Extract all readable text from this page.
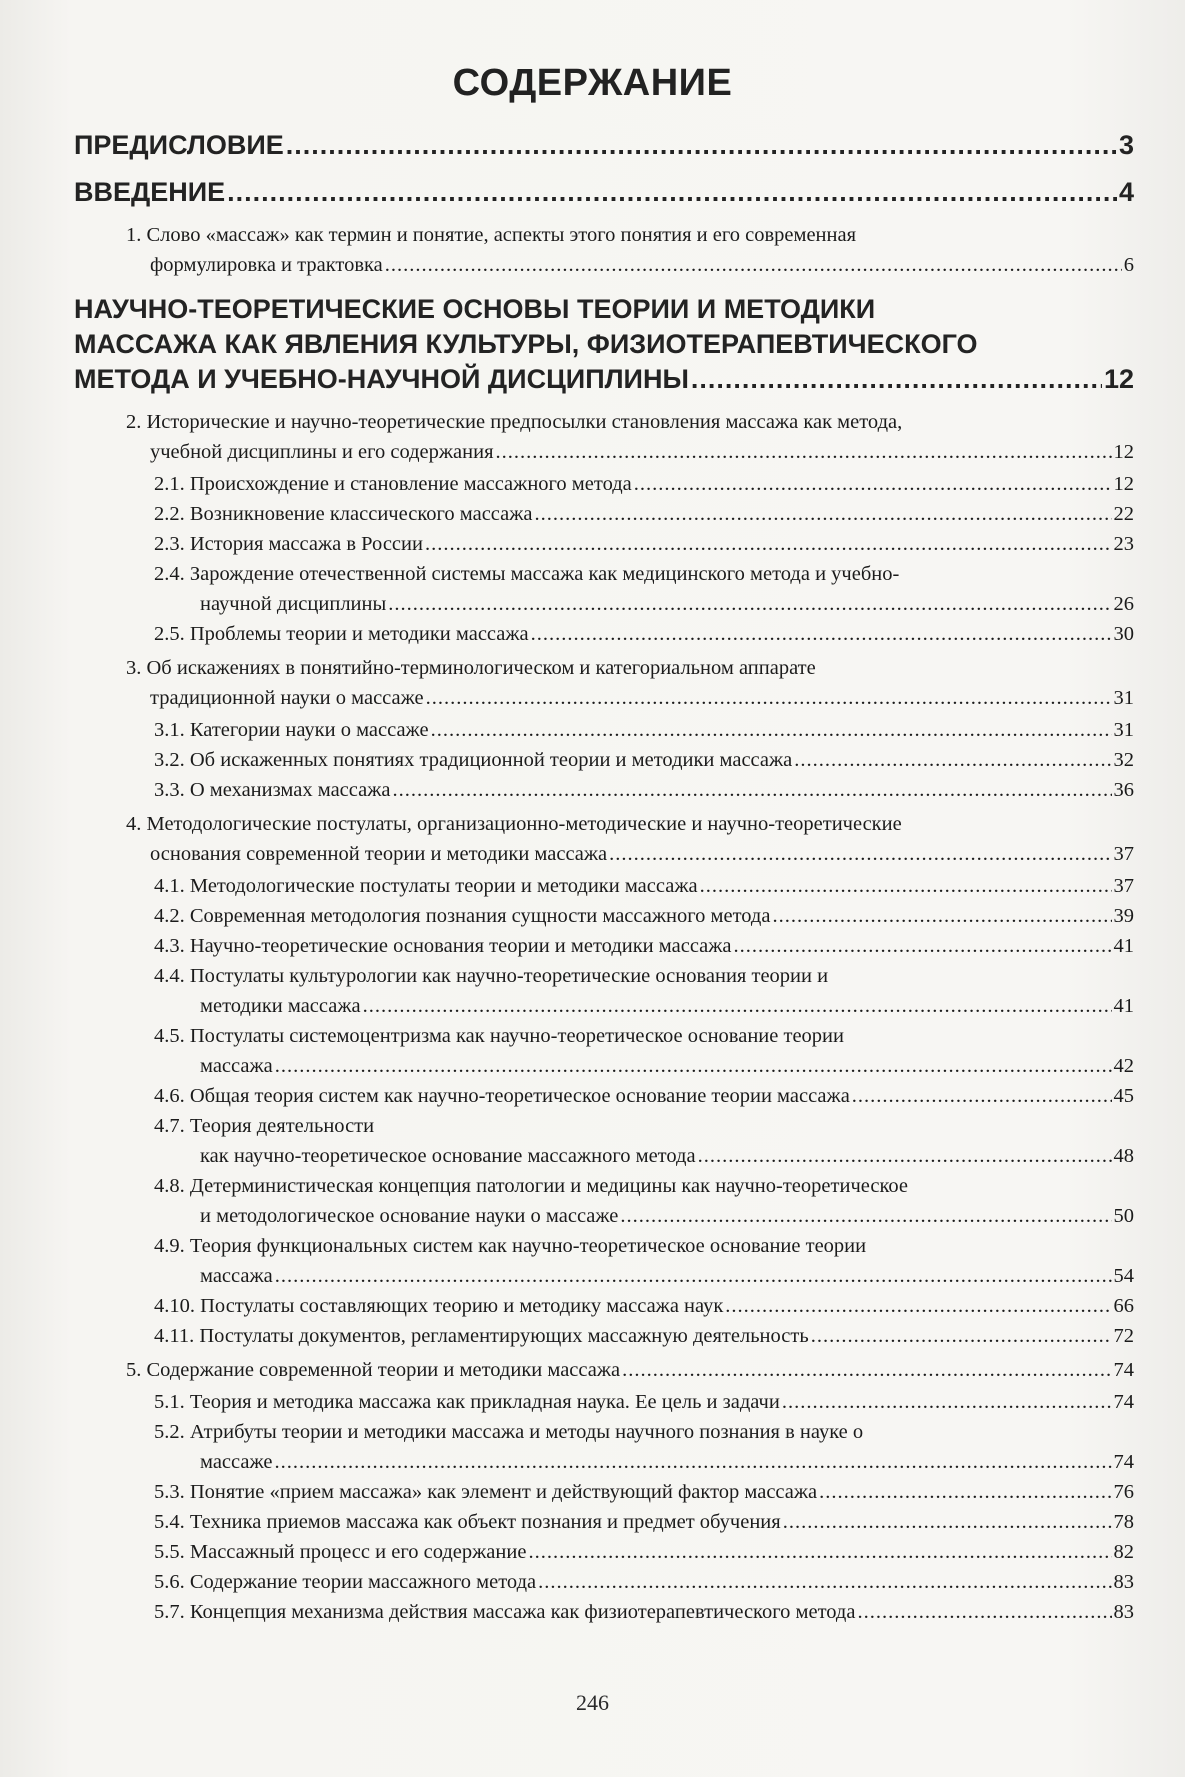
СОДЕРЖАНИЕ
ПРЕДИСЛОВИЕ .....	3
ВВЕДЕНИЕ .....	4
1. Слово «массаж» как термин и понятие, аспекты этого понятия и его современная
формулировка и трактовка .....	6
НАУЧНО-ТЕОРЕТИЧЕСКИЕ ОСНОВЫ ТЕОРИИ И МЕТОДИКИ
МАССАЖА КАК ЯВЛЕНИЯ КУЛЬТУРЫ, ФИЗИОТЕРАПЕВТИЧЕСКОГО
МЕТОДА И УЧЕБНО-НАУЧНОЙ ДИСЦИПЛИНЫ .....	12
2. Исторические и научно-теоретические предпосылки становления массажа как метода,
учебной дисциплины и его содержания .....	12
2.1. Происхождение и становление массажного метода .....	12
2.2. Возникновение классического массажа .....	22
2.3. История массажа в России .....	23
2.4. Зарождение отечественной системы массажа как медицинского метода и учебно-
научной дисциплины .....	26
2.5. Проблемы теории и методики массажа .....	30
3. Об искажениях в понятийно-терминологическом и категориальном аппарате
традиционной науки о массаже .....	31
3.1. Категории науки о массаже .....	31
3.2. Об искаженных понятиях традиционной теории и методики массажа .....	32
3.3. О механизмах массажа .....	36
4. Методологические постулаты, организационно-методические и научно-теоретические
основания современной теории и методики массажа .....	37
4.1. Методологические постулаты теории и методики массажа .....	37
4.2. Современная методология познания сущности массажного метода .....	39
4.3. Научно-теоретические основания теории и методики массажа .....	41
4.4. Постулаты культурологии как научно-теоретические основания теории и
методики массажа .....	41
4.5. Постулаты системоцентризма как научно-теоретическое основание теории
массажа .....	42
4.6. Общая теория систем как научно-теоретическое основание теории массажа .....	45
4.7. Теория деятельности
как научно-теоретическое основание массажного метода .....	48
4.8. Детерминистическая концепция патологии и медицины как научно-теоретическое
и методологическое основание науки о массаже .....	50
4.9. Теория функциональных систем как научно-теоретическое основание теории
массажа .....	54
4.10. Постулаты составляющих теорию и методику массажа наук .....	66
4.11. Постулаты документов, регламентирующих массажную деятельность .....	72
5. Содержание современной теории и методики массажа .....	74
5.1. Теория и методика массажа как прикладная наука. Ее цель и задачи .....	74
5.2. Атрибуты теории и методики массажа и методы научного познания в науке о
массаже .....	74
5.3. Понятие «прием массажа» как элемент и действующий фактор массажа .....	76
5.4. Техника приемов массажа как объект познания и предмет обучения .....	78
5.5. Массажный процесс и его содержание .....	82
5.6. Содержание теории массажного метода .....	83
5.7. Концепция механизма действия массажа как физиотерапевтического метода .....	83
246
